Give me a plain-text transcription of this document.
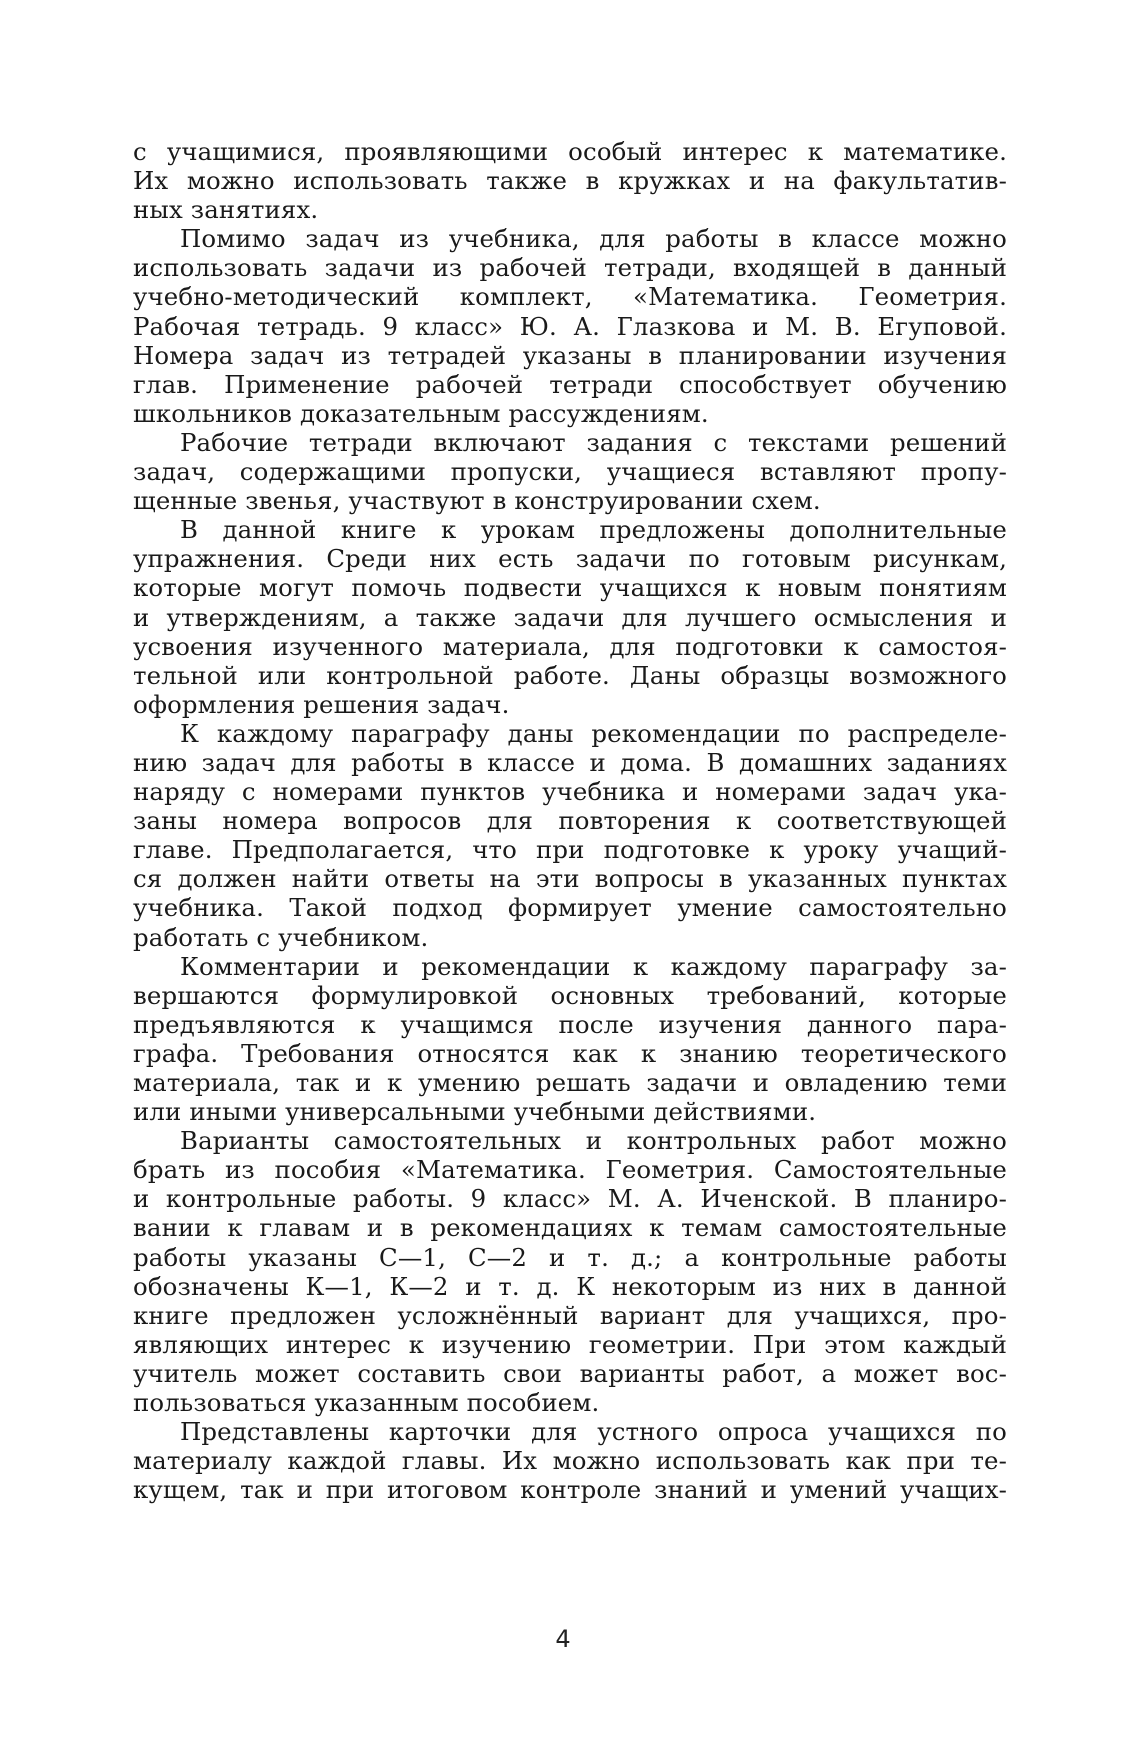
с учащимися, проявляющими особый интерес к математике.
Их можно использовать также в кружках и на факультатив-
ных занятиях.
Помимо задач из учебника, для работы в классе можно
использовать задачи из рабочей тетради, входящей в данный
учебно-методический комплект, «Математика. Геометрия.
Рабочая тетрадь. 9 класс» Ю. А. Глазкова и М. В. Егуповой.
Номера задач из тетрадей указаны в планировании изучения
глав. Применение рабочей тетради способствует обучению
школьников доказательным рассуждениям.
Рабочие тетради включают задания с текстами решений
задач, содержащими пропуски, учащиеся вставляют пропу-
щенные звенья, участвуют в конструировании схем.
В данной книге к урокам предложены дополнительные
упражнения. Среди них есть задачи по готовым рисункам,
которые могут помочь подвести учащихся к новым понятиям
и утверждениям, а также задачи для лучшего осмысления и
усвоения изученного материала, для подготовки к самостоя-
тельной или контрольной работе. Даны образцы возможного
оформления решения задач.
К каждому параграфу даны рекомендации по распределе-
нию задач для работы в классе и дома. В домашних заданиях
наряду с номерами пунктов учебника и номерами задач ука-
заны номера вопросов для повторения к соответствующей
главе. Предполагается, что при подготовке к уроку учащий-
ся должен найти ответы на эти вопросы в указанных пунктах
учебника. Такой подход формирует умение самостоятельно
работать с учебником.
Комментарии и рекомендации к каждому параграфу за-
вершаются формулировкой основных требований, которые
предъявляются к учащимся после изучения данного пара-
графа. Требования относятся как к знанию теоретического
материала, так и к умению решать задачи и овладению теми
или иными универсальными учебными действиями.
Варианты самостоятельных и контрольных работ можно
брать из пособия «Математика. Геометрия. Самостоятельные
и контрольные работы. 9 класс» М. А. Иченской. В планиро-
вании к главам и в рекомендациях к темам самостоятельные
работы указаны С—1, С—2 и т. д.; а контрольные работы
обозначены К—1, К—2 и т. д. К некоторым из них в данной
книге предложен усложнённый вариант для учащихся, про-
являющих интерес к изучению геометрии. При этом каждый
учитель может составить свои варианты работ, а может вос-
пользоваться указанным пособием.
Представлены карточки для устного опроса учащихся по
материалу каждой главы. Их можно использовать как при те-
кущем, так и при итоговом контроле знаний и умений учащих-
4
